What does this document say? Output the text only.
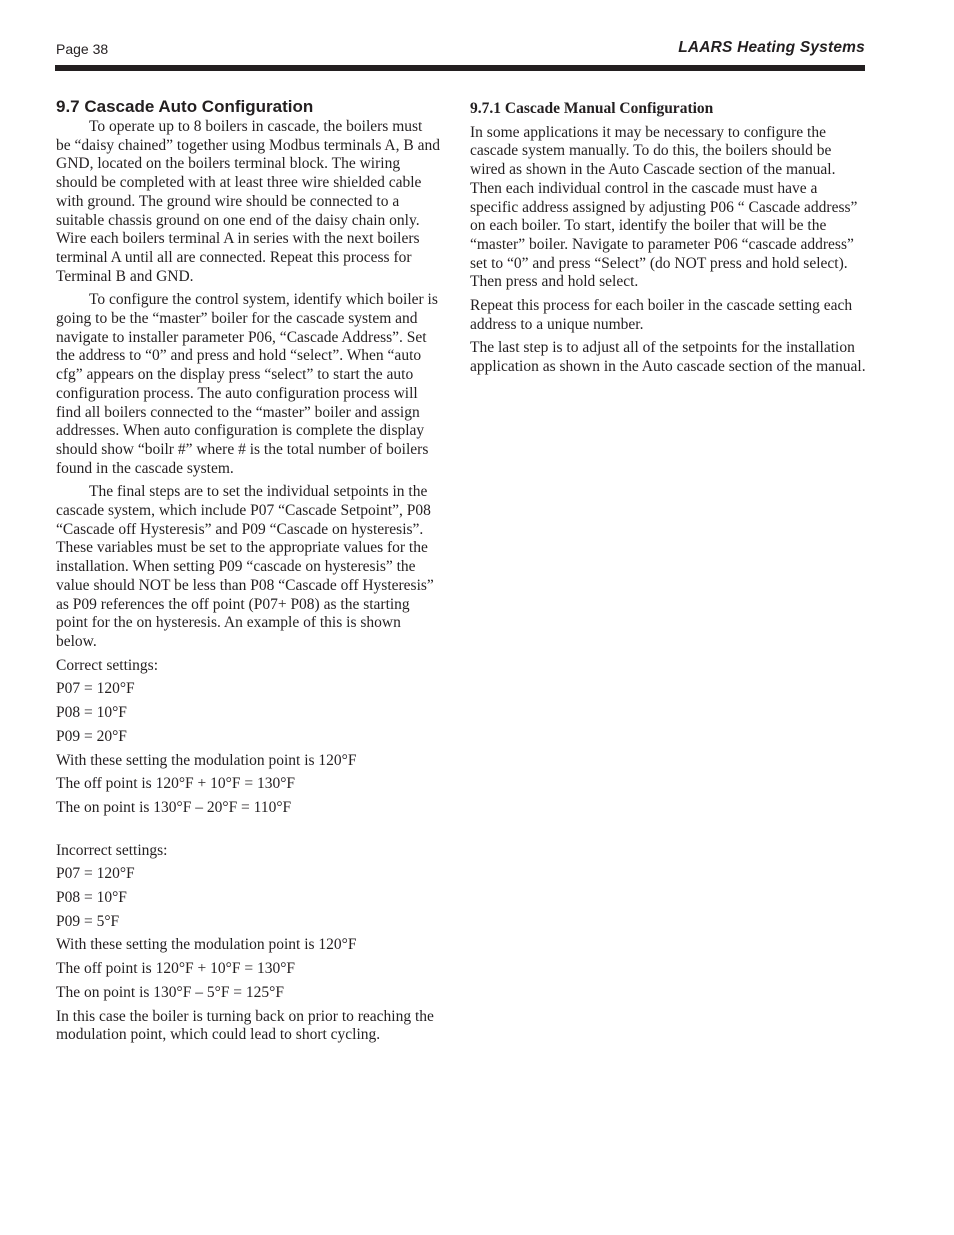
Page 38	LAARS Heating Systems
9.7 Cascade Auto Configuration

To operate up to 8 boilers in cascade, the boilers must be “daisy chained” together using Modbus terminals A, B and GND, located on the boilers terminal block. The wiring should be completed with at least three wire shielded cable with ground. The ground wire should be connected to a suitable chassis ground on one end of the daisy chain only. Wire each boilers terminal A in series with the next boilers terminal A until all are connected. Repeat this process for Terminal B and GND.

To configure the control system, identify which boiler is going to be the “master” boiler for the cascade system and navigate to installer parameter P06, “Cascade Address”. Set the address to “0” and press and hold “select”. When “auto cfg” appears on the display press “select” to start the auto configuration process. The auto configuration process will find all boilers connected to the “master” boiler and assign addresses. When auto configuration is complete the display should show “boilr #” where # is the total number of boilers found in the cascade system.

The final steps are to set the individual setpoints in the cascade system, which include P07 “Cascade Setpoint”, P08 “Cascade off Hysteresis” and P09 “Cascade on hysteresis”. These variables must be set to the appropriate values for the installation. When setting P09 “cascade on hysteresis” the value should NOT be less than P08 “Cascade off Hysteresis” as P09 references the off point (P07+ P08) as the starting point for the on hysteresis. An example of this is shown below.

Correct settings:

P07 = 120°F

P08 = 10°F

P09 = 20°F

With these setting the modulation point is 120°F

The off point is 120°F + 10°F = 130°F

The on point is 130°F – 20°F = 110°F

Incorrect settings:

P07 = 120°F

P08 = 10°F

P09 = 5°F

With these setting the modulation point is 120°F

The off point is 120°F + 10°F = 130°F

The on point is 130°F – 5°F = 125°F

In this case the boiler is turning back on prior to reaching the modulation point, which could lead to short cycling.

9.7.1 Cascade Manual Configuration

In some applications it may be necessary to configure the cascade system manually. To do this, the boilers should be wired as shown in the Auto Cascade section of the manual. Then each individual control in the cascade must have a specific address assigned by adjusting P06 “ Cascade address” on each boiler. To start, identify the boiler that will be the “master” boiler. Navigate to parameter P06 “cascade address” set to “0” and press “Select” (do NOT press and hold select). Then press and hold select.

Repeat this process for each boiler in the cascade setting each address to a unique number.

The last step is to adjust all of the setpoints for the installation application as shown in the Auto cascade section of the manual.
